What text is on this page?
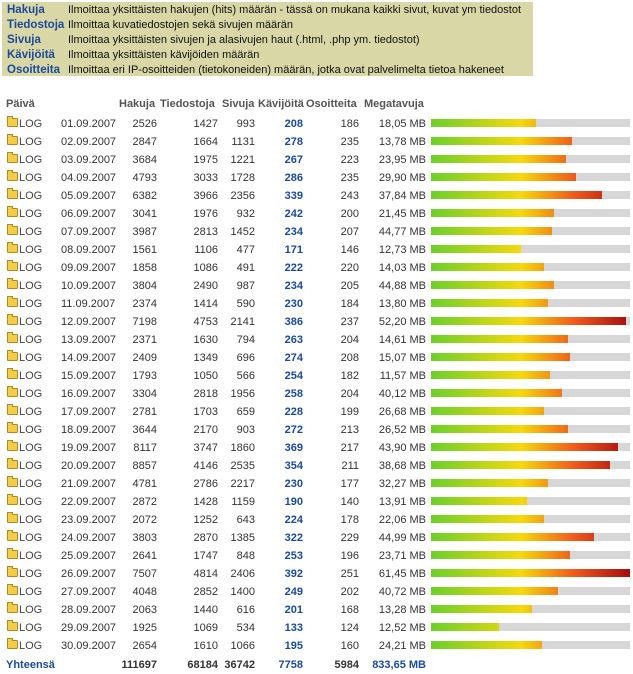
Hakuja Ilmoittaa yksittäisten hakujen (hits) määrän - tässä on mukana kaikki sivut, kuvat ym tiedostot
Tiedostoja Ilmoittaa kuvatiedostojen sekä sivujen määrän
Sivuja Ilmoittaa yksittäisten sivujen ja alasivujen haut (.html, .php ym. tiedostot)
Kävijöitä Ilmoittaa yksittäisten kävijöiden määrän
Osoitteita Ilmoittaa eri IP-osoitteiden (tietokoneiden) määrän, jotka ovat palvelimelta tietoa hakeneet
Päivä	Hakuja Tiedostoja Sivuja Kävijöitä Osoitteita Megatavuja
LOG 01.09.2007	2526	1427	993	208	186	18,05 MB
LOG 02.09.2007	2847	1664	1131	278	235	13,78 MB
LOG 03.09.2007	3684	1975	1221	267	223	23,95 MB
LOG 04.09.2007	4793	3033	1728	286	235	29,90 MB
LOG 05.09.2007	6382	3966	2356	339	243	37,84 MB
LOG 06.09.2007	3041	1976	932	242	200	21,45 MB
LOG 07.09.2007	3987	2813	1452	234	207	44,77 MB
LOG 08.09.2007	1561	1106	477	171	146	12,73 MB
LOG 09.09.2007	1858	1086	491	222	220	14,03 MB
LOG 10.09.2007	3804	2490	987	234	205	44,88 MB
LOG 11.09.2007	2374	1414	590	230	184	13,80 MB
LOG 12.09.2007	7198	4753	2141	386	237	52,20 MB
LOG 13.09.2007	2371	1630	794	263	204	14,61 MB
LOG 14.09.2007	2409	1349	696	274	208	15,07 MB
LOG 15.09.2007	1793	1050	566	254	182	11,57 MB
LOG 16.09.2007	3304	2818	1956	258	204	40,12 MB
LOG 17.09.2007	2781	1703	659	228	199	26,68 MB
LOG 18.09.2007	3644	2170	903	272	213	26,52 MB
LOG 19.09.2007	8117	3747	1860	369	217	43,90 MB
LOG 20.09.2007	8857	4146	2535	354	211	38,68 MB
LOG 21.09.2007	4781	2786	2217	230	177	32,27 MB
LOG 22.09.2007	2872	1428	1159	190	140	13,91 MB
LOG 23.09.2007	2072	1252	643	224	178	22,06 MB
LOG 24.09.2007	3803	2870	1385	322	229	44,99 MB
LOG 25.09.2007	2641	1747	848	253	196	23,71 MB
LOG 26.09.2007	7507	4814	2406	392	251	61,45 MB
LOG 27.09.2007	4048	2852	1400	249	202	40,72 MB
LOG 28.09.2007	2063	1440	616	201	168	13,28 MB
LOG 29.09.2007	1925	1069	534	133	124	12,52 MB
LOG 30.09.2007	2654	1610	1066	195	160	24,21 MB
Yhteensä	111697	68184 36742	7758	5984	833,65 MB
